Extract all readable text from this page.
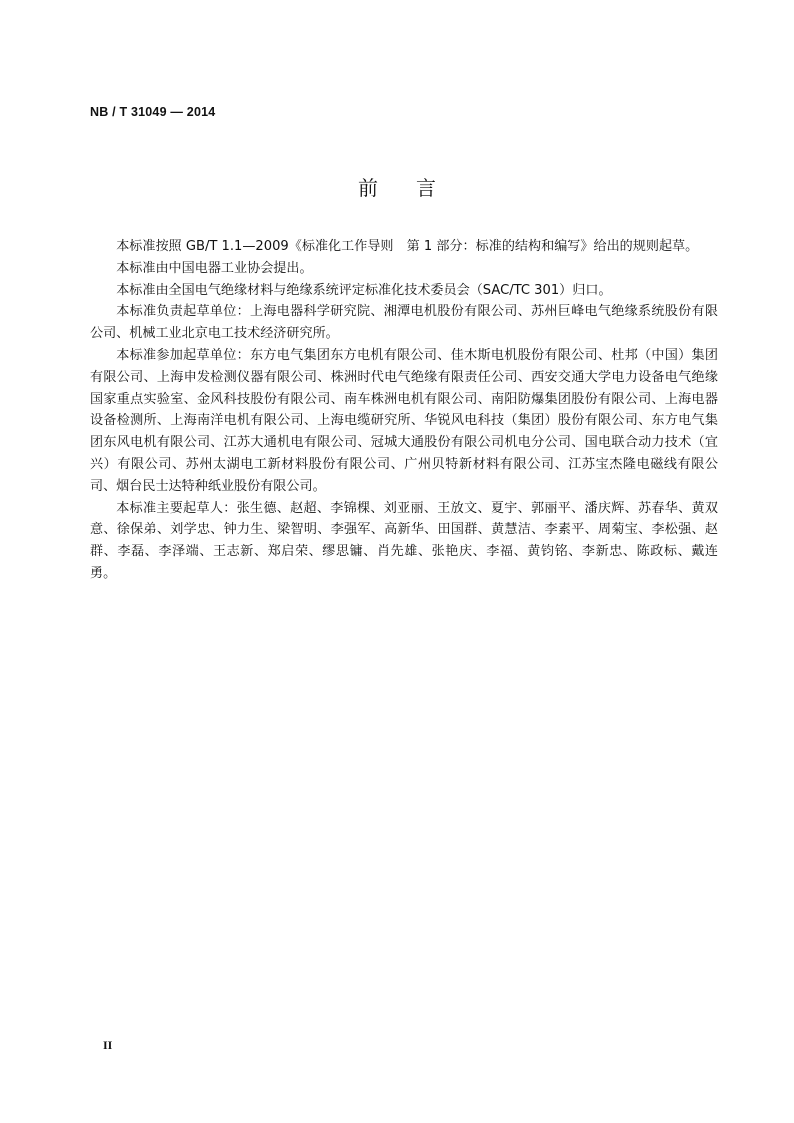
NB / T 31049 — 2014
前言

本标准按照 GB/T 1.1—2009《标准化工作导则　第 1 部分：标准的结构和编写》给出的规则起草。

本标准由中国电器工业协会提出。

本标准由全国电气绝缘材料与绝缘系统评定标准化技术委员会（SAC/TC 301）归口。

本标准负责起草单位：上海电器科学研究院、湘潭电机股份有限公司、苏州巨峰电气绝缘系统股份有限公司、机械工业北京电工技术经济研究所。

本标准参加起草单位：东方电气集团东方电机有限公司、佳木斯电机股份有限公司、杜邦（中国）集团有限公司、上海申发检测仪器有限公司、株洲时代电气绝缘有限责任公司、西安交通大学电力设备电气绝缘国家重点实验室、金风科技股份有限公司、南车株洲电机有限公司、南阳防爆集团股份有限公司、上海电器设备检测所、上海南洋电机有限公司、上海电缆研究所、华锐风电科技（集团）股份有限公司、东方电气集团东风电机有限公司、江苏大通机电有限公司、冠城大通股份有限公司机电分公司、国电联合动力技术（宜兴）有限公司、苏州太湖电工新材料股份有限公司、广州贝特新材料有限公司、江苏宝杰隆电磁线有限公司、烟台民士达特种纸业股份有限公司。

本标准主要起草人：张生德、赵超、李锦棵、刘亚丽、王放文、夏宇、郭丽平、潘庆辉、苏春华、黄双意、徐保弟、刘学忠、钟力生、梁智明、李强军、高新华、田国群、黄慧洁、李素平、周菊宝、李松强、赵群、李磊、李泽端、王志新、郑启荣、缪思镛、肖先雄、张艳庆、李福、黄钧铭、李新忠、陈政标、戴连勇。

II
